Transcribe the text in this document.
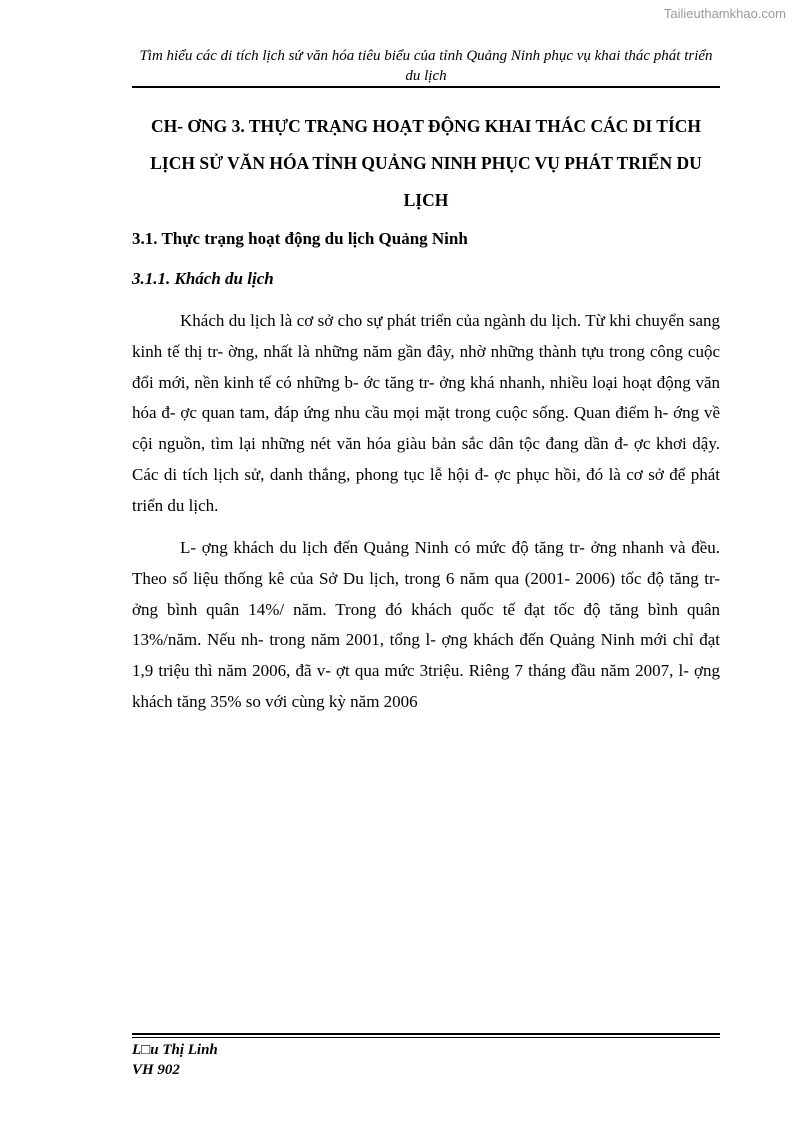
Tailieuthamkhao.com
Tìm hiểu các di tích lịch sử văn hóa tiêu biểu của tỉnh Quảng Ninh phục vụ khai thác phát triển du lịch
CH- ƠNG 3. THỰC TRẠNG HOẠT ĐỘNG KHAI THÁC CÁC DI TÍCH LỊCH SỬ VĂN HÓA TỈNH QUẢNG NINH PHỤC VỤ PHÁT TRIỂN DU LỊCH
3.1. Thực trạng hoạt động du lịch Quảng Ninh
3.1.1. Khách du lịch

Khách du lịch là cơ sở cho sự phát triển của ngành du lịch. Từ khi chuyển sang kinh tế thị tr- ờng, nhất là những năm gần đây, nhờ những thành tựu trong công cuộc đổi mới, nền kinh tế có những b- ớc tăng tr- ởng khá nhanh, nhiều loại hoạt động văn hóa đ- ợc quan tam, đáp ứng nhu cầu mọi mặt trong cuộc sống. Quan điểm h- ớng về cội nguồn, tìm lại những nét văn hóa giàu bản sắc dân tộc đang dần đ- ợc khơi dậy. Các di tích lịch sử, danh thắng, phong tục lễ hội đ- ợc phục hồi, đó là cơ sở để phát triển du lịch.

L- ợng khách du lịch đến Quảng Ninh có mức độ tăng tr- ởng nhanh và đều. Theo số liệu thống kê của Sở Du lịch, trong 6 năm qua (2001- 2006) tốc độ tăng tr- ởng bình quân 14%/ năm. Trong đó khách quốc tế đạt tốc độ tăng bình quân 13%/năm. Nếu nh- trong năm 2001, tổng l- ợng khách đến Quảng Ninh mới chỉ đạt 1,9 triệu thì năm 2006, đã v- ợt qua mức 3triệu. Riêng 7 tháng đầu năm 2007, l- ợng khách tăng 35% so với cùng kỳ năm 2006

L□u Thị Linh
VH 902
